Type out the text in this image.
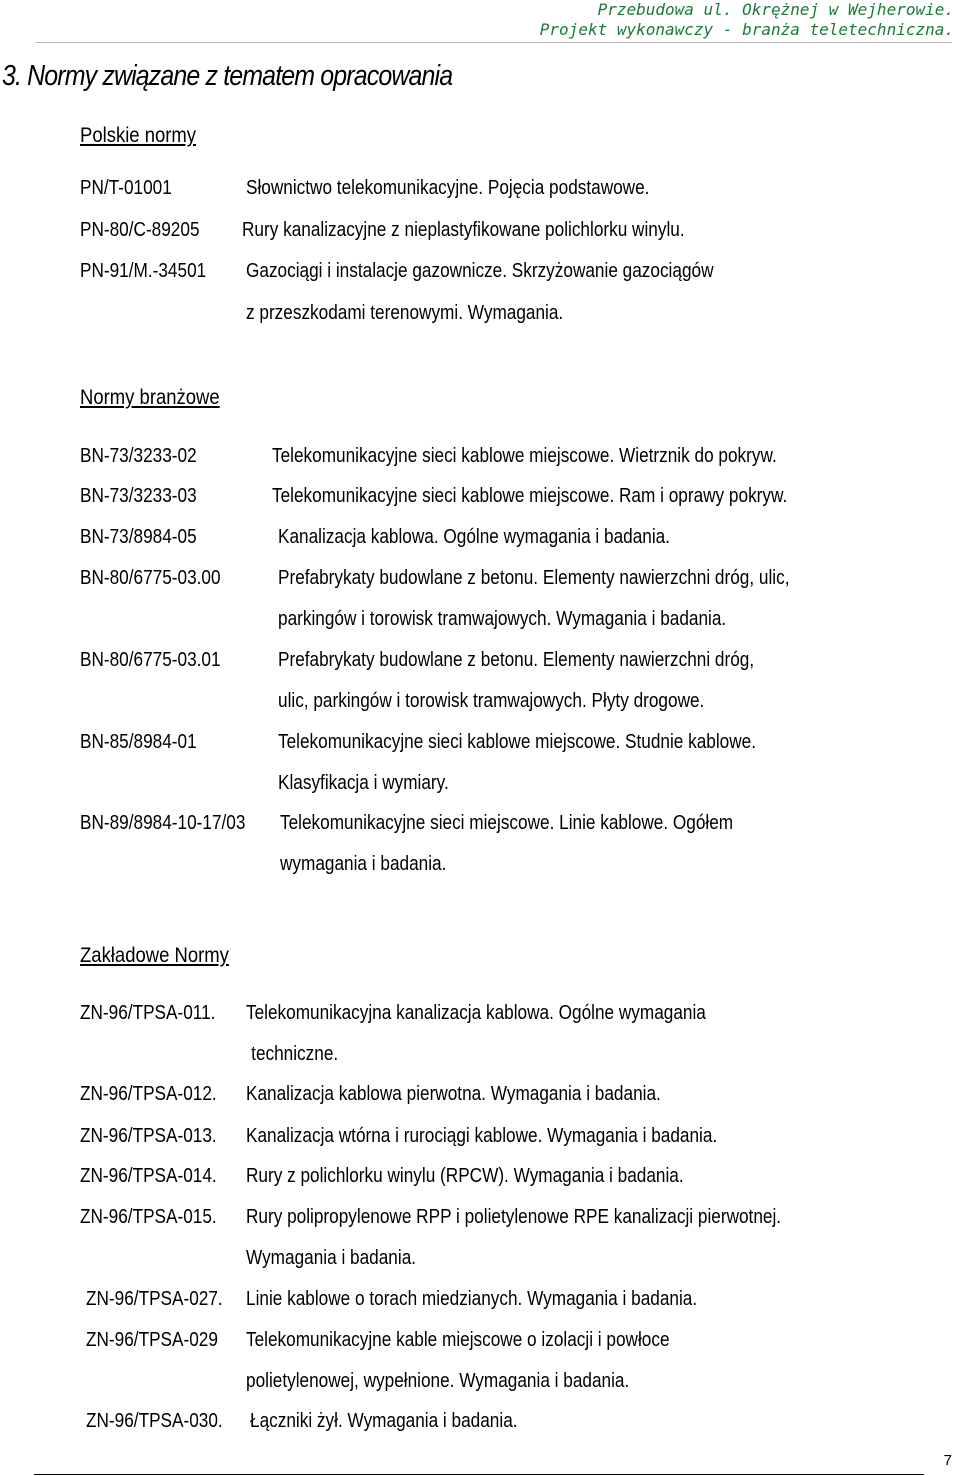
Przebudowa ul. Okrężnej w Wejherowie.
Projekt wykonawczy - branża teletechniczna.
3. Normy związane z tematem opracowania
Polskie normy
PN/T-01001	Słownictwo telekomunikacyjne. Pojęcia podstawowe.
PN-80/C-89205 Rury kanalizacyjne z nieplastyfikowane polichlorku winylu.
PN-91/M.-34501 Gazociągi i instalacje gazownicze. Skrzyżowanie gazociągów
z przeszkodami terenowymi. Wymagania.
Normy branżowe
BN-73/3233-02	Telekomunikacyjne sieci kablowe miejscowe. Wietrznik do pokryw.
BN-73/3233-03	Telekomunikacyjne sieci kablowe miejscowe. Ram i oprawy pokryw.
BN-73/8984-05	Kanalizacja kablowa. Ogólne wymagania i badania.
BN-80/6775-03.00	Prefabrykaty budowlane z betonu. Elementy nawierzchni dróg, ulic,
parkingów i torowisk tramwajowych. Wymagania i badania.
BN-80/6775-03.01	Prefabrykaty budowlane z betonu. Elementy nawierzchni dróg,
ulic, parkingów i torowisk tramwajowych. Płyty drogowe.
BN-85/8984-01	Telekomunikacyjne sieci kablowe miejscowe. Studnie kablowe.
Klasyfikacja i wymiary.
BN-89/8984-10-17/03 Telekomunikacyjne sieci miejscowe. Linie kablowe. Ogółem
wymagania i badania.
Zakładowe Normy
ZN-96/TPSA-011. Telekomunikacyjna kanalizacja kablowa. Ogólne wymagania
techniczne.
ZN-96/TPSA-012. Kanalizacja kablowa pierwotna. Wymagania i badania.
ZN-96/TPSA-013. Kanalizacja wtórna i rurociągi kablowe. Wymagania i badania.
ZN-96/TPSA-014. Rury z polichlorku winylu (RPCW). Wymagania i badania.
ZN-96/TPSA-015. Rury polipropylenowe RPP i polietylenowe RPE kanalizacji pierwotnej.
Wymagania i badania.
ZN-96/TPSA-027. Linie kablowe o torach miedzianych. Wymagania i badania.
ZN-96/TPSA-029 Telekomunikacyjne kable miejscowe o izolacji i powłoce
polietylenowej, wypełnione. Wymagania i badania.
ZN-96/TPSA-030. Łączniki żył. Wymagania i badania.
7
